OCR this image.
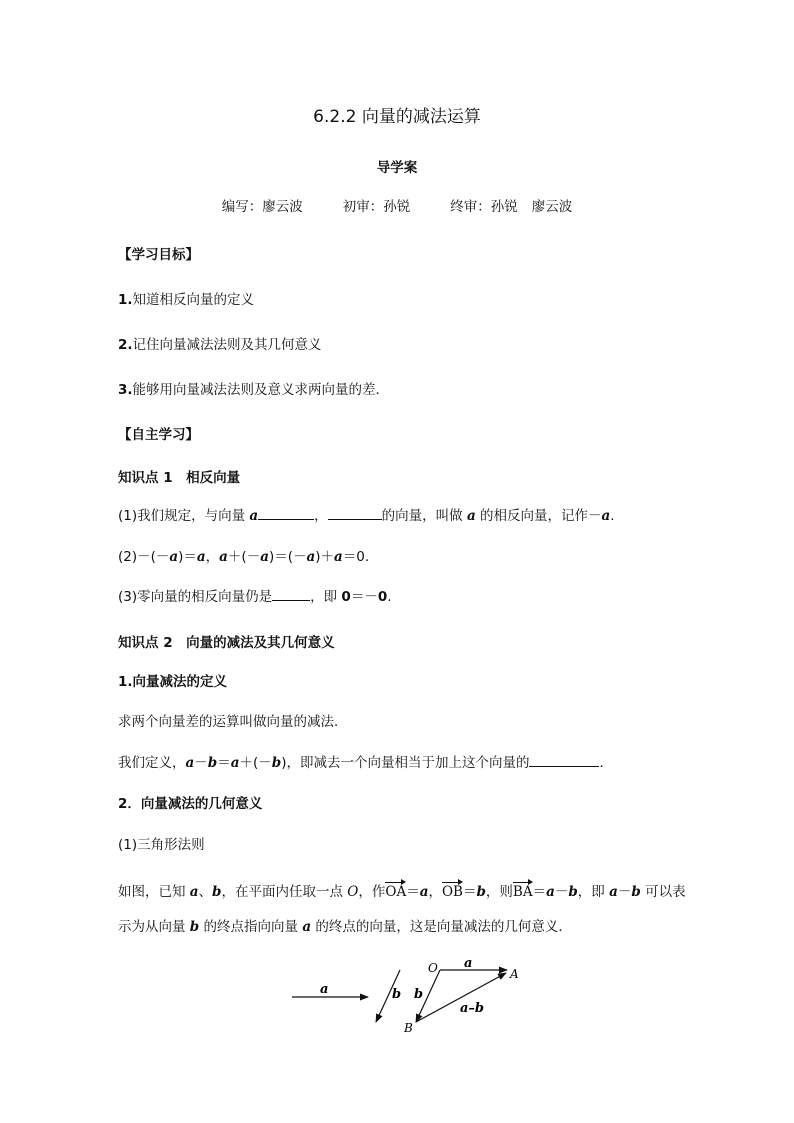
6.2.2 向量的减法运算
导学案
编写：廖云波	初审：孙锐	终审：孙锐 廖云波
【学习目标】
1.知道相反向量的定义
2.记住向量减法法则及其几何意义
3.能够用向量减法法则及意义求两向量的差．
【自主学习】
知识点 1　相反向量
(1)我们规定，与向量 a	，	的向量，叫做 a 的相反向量，记作－a.
(2)－(－a)＝a，a＋(－a)＝(－a)＋a＝0.
(3)零向量的相反向量仍是	，即 0＝－0.
知识点 2　向量的减法及其几何意义
1.向量减法的定义
求两个向量差的运算叫做向量的减法．
我们定义，a－b＝a＋(－b)，即减去一个向量相当于加上这个向量的	．
2．向量减法的几何意义
(1)三角形法则
如图，已知 a、b，在平面内任取一点 O，作OA＝a，OB＝b，则BA＝a－b，即 a－b 可以表
示为从向量 b 的终点指向向量 a 的终点的向量，这是向量减法的几何意义．
a	b
O	A
B
a
b
a–b
